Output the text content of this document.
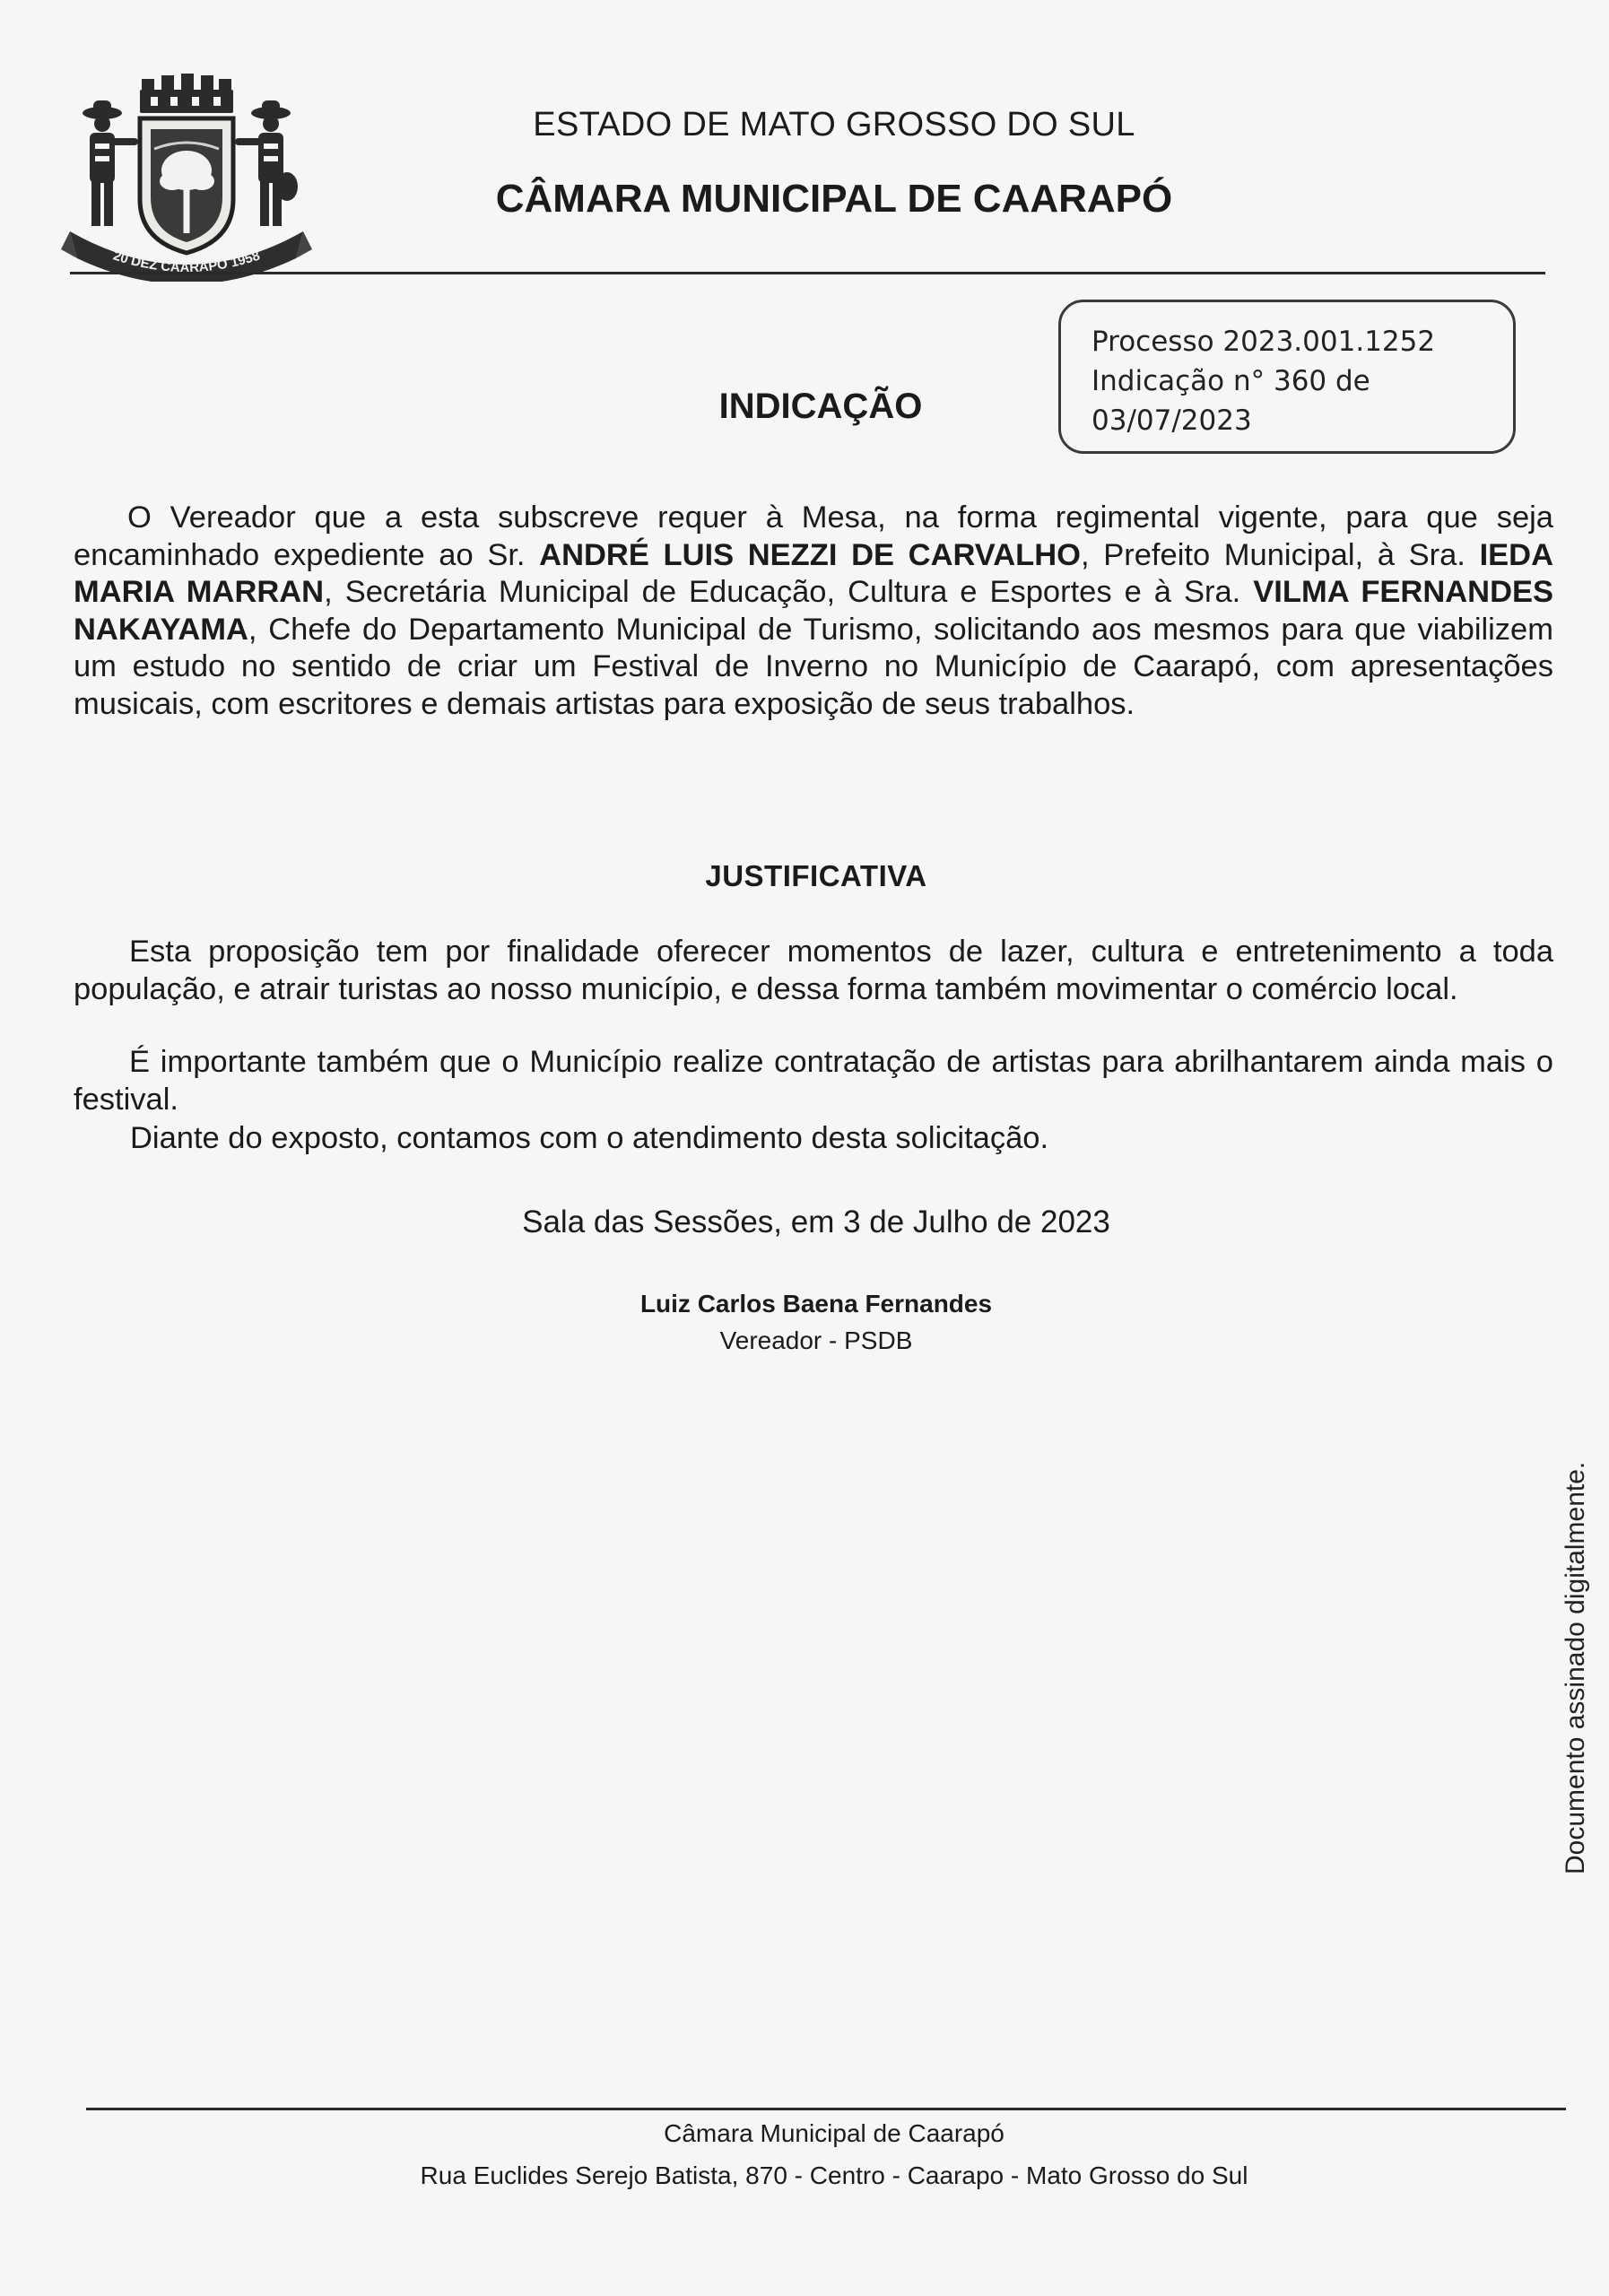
20 DEZ CAARAPÓ 1958
ESTADO DE MATO GROSSO DO SUL
CÂMARA MUNICIPAL DE CAARAPÓ
Processo 2023.001.1252
Indicação n° 360 de
03/07/2023
INDICAÇÃO
O Vereador que a esta subscreve requer à Mesa, na forma regimental vigente, para que seja encaminhado expediente ao Sr. ANDRÉ LUIS NEZZI DE CARVALHO, Prefeito Municipal, à Sra. IEDA MARIA MARRAN, Secretária Municipal de Educação, Cultura e Esportes e à Sra. VILMA FERNANDES NAKAYAMA, Chefe do Departamento Municipal de Turismo, solicitando aos mesmos para que viabilizem um estudo no sentido de criar um Festival de Inverno no Município de Caarapó, com apresentações musicais, com escritores e demais artistas para exposição de seus trabalhos.
JUSTIFICATIVA
Esta proposição tem por finalidade oferecer momentos de lazer, cultura e entretenimento a toda população, e atrair turistas ao nosso município, e dessa forma também movimentar o comércio local.
É importante também que o Município realize contratação de artistas para abrilhantarem ainda mais o festival.
Diante do exposto, contamos com o atendimento desta solicitação.
Sala das Sessões, em 3 de Julho de 2023
Luiz Carlos Baena Fernandes
Vereador - PSDB
Documento assinado digitalmente.
Câmara Municipal de Caarapó
Rua Euclides Serejo Batista, 870 - Centro - Caarapo - Mato Grosso do Sul
